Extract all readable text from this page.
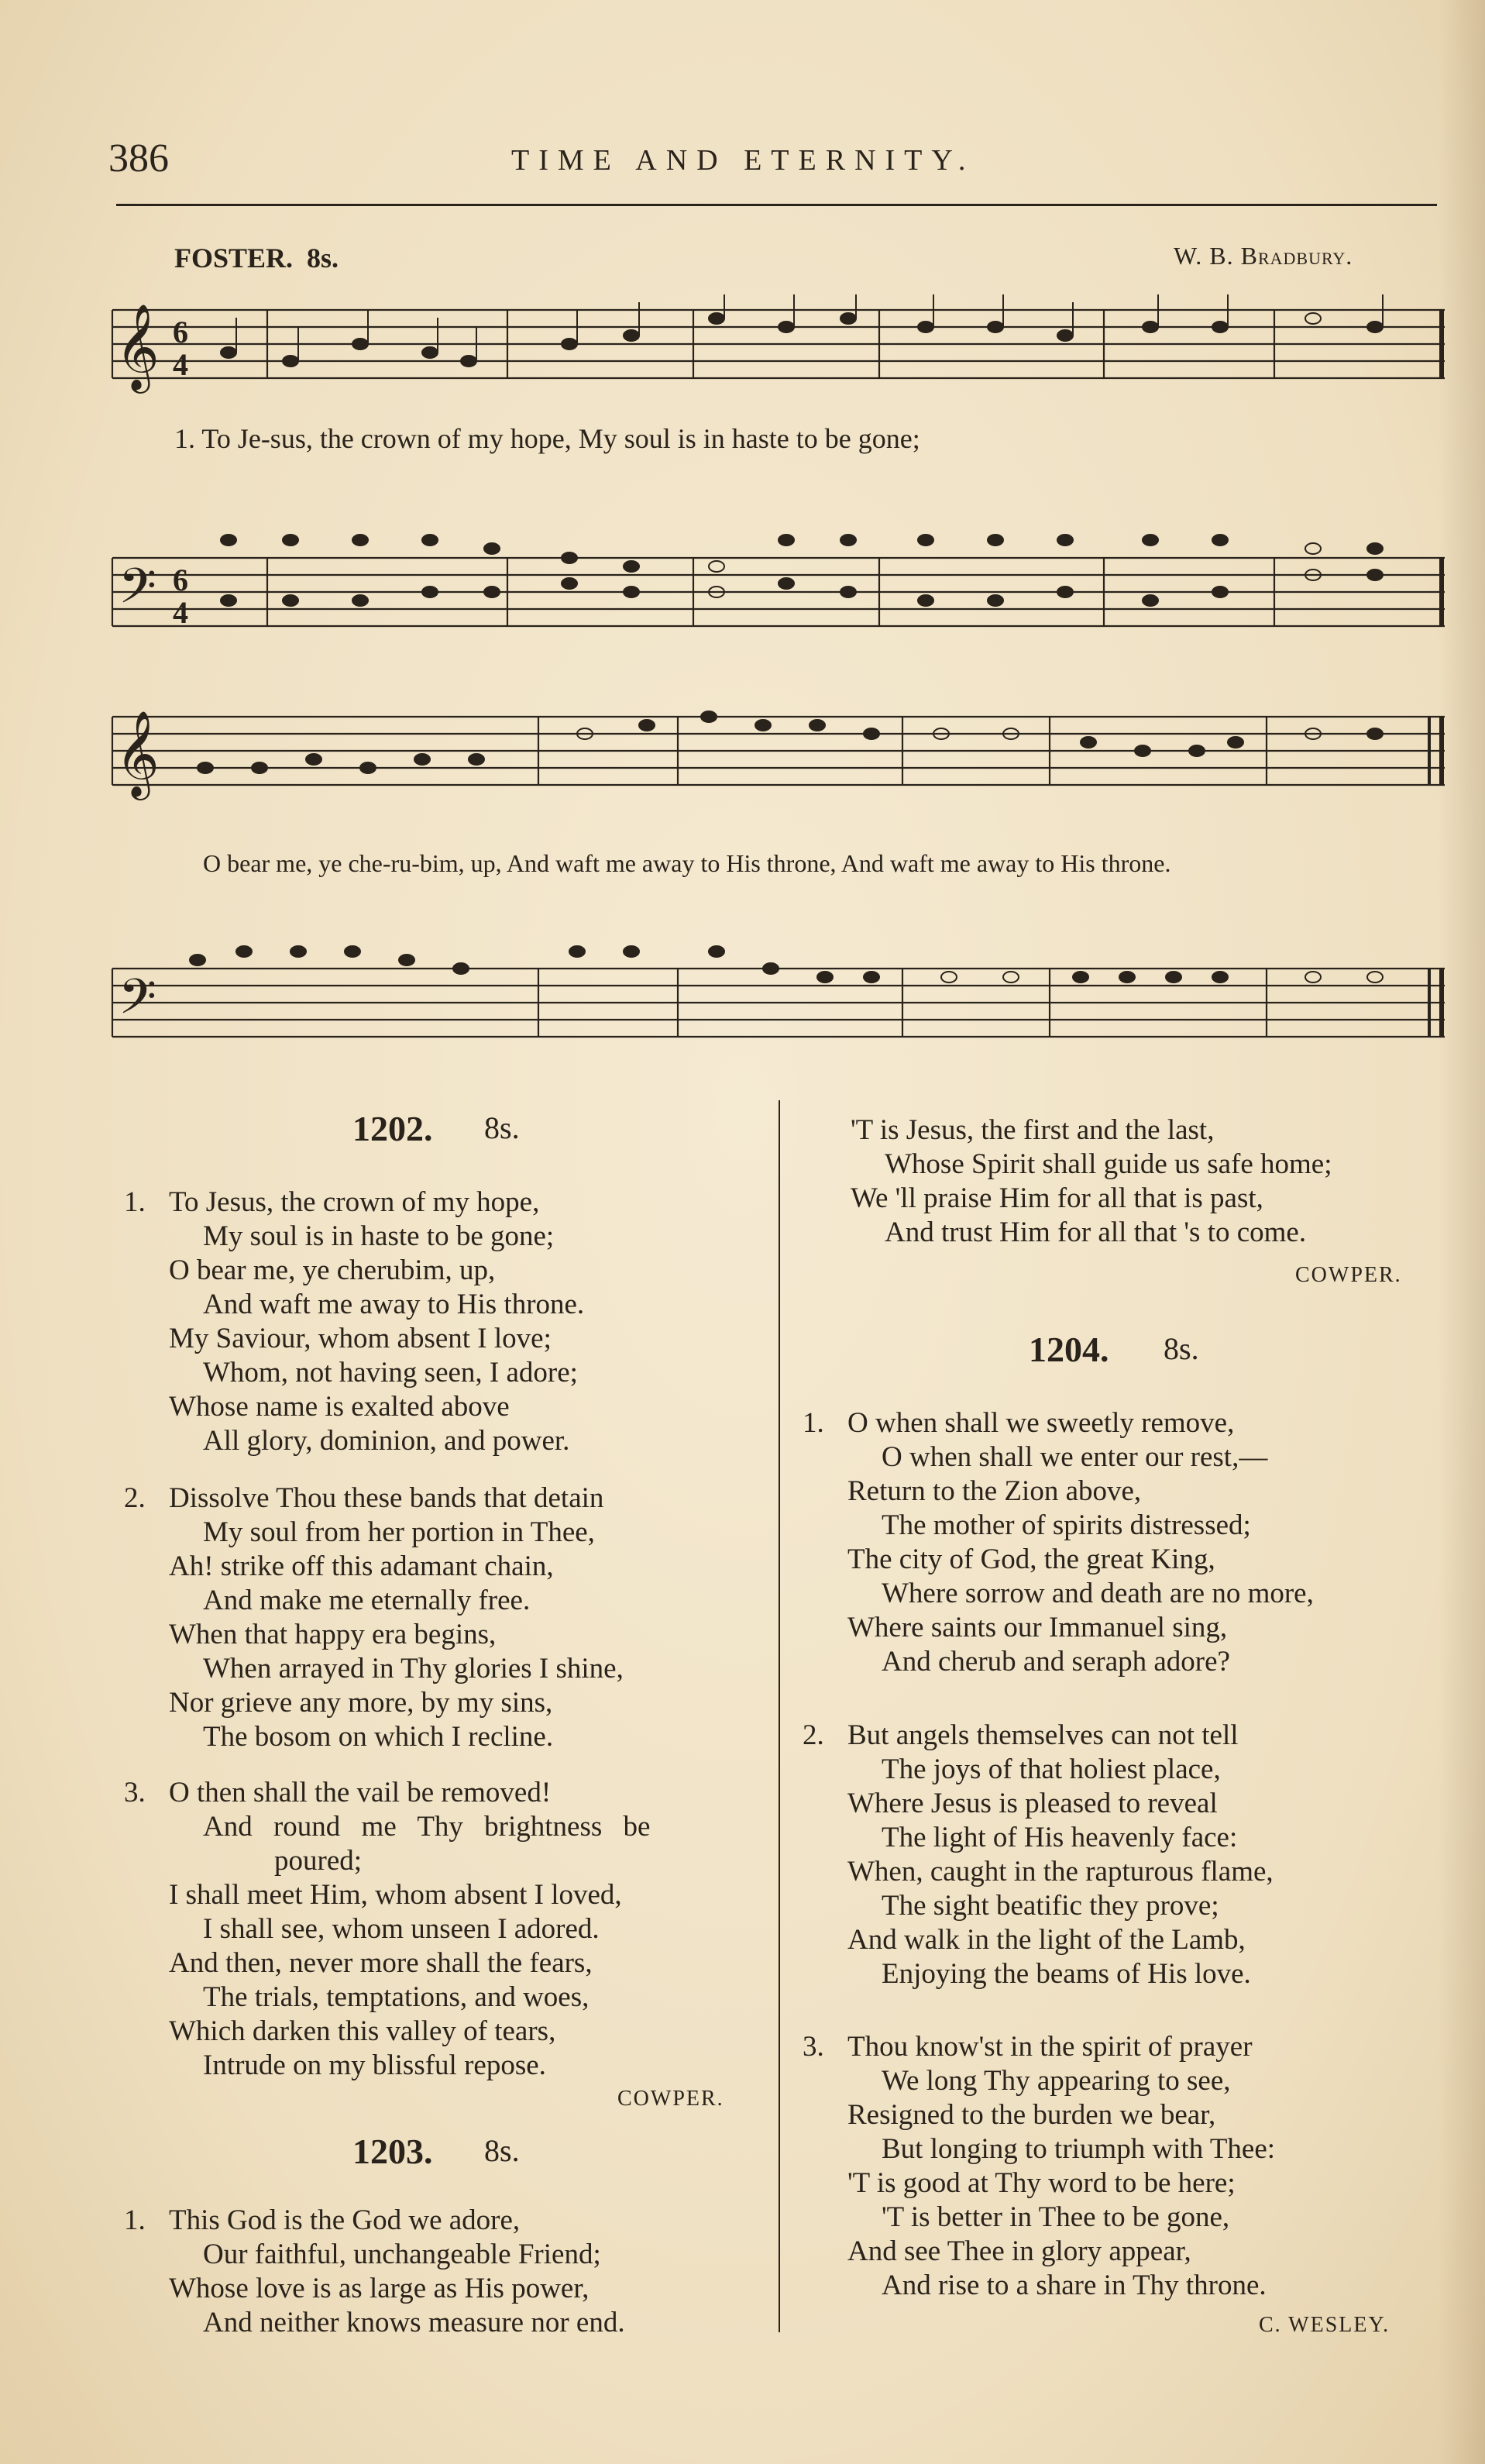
386	TIME AND ETERNITY.
FOSTER. 8s.	W. B. Bradbury.
𝄞 6
4
1. To Je-sus, the crown of my hope, My soul is in haste to be gone;
𝄢 6
4
𝄞
O bear me, ye che-ru-bim, up, And waft me away to His throne, And waft me away to His throne.
𝄢
1202. 8s.
1. To Jesus, the crown of my hope,
My soul is in haste to be gone;
O bear me, ye cherubim, up,
And waft me away to His throne.
My Saviour, whom absent I love;
Whom, not having seen, I adore;
Whose name is exalted above
All glory, dominion, and power.
2. Dissolve Thou these bands that detain
My soul from her portion in Thee,
Ah! strike off this adamant chain,
And make me eternally free.
When that happy era begins,
When arrayed in Thy glories I shine,
Nor grieve any more, by my sins,
The bosom on which I recline.
3. O then shall the vail be removed!
And round me Thy brightness be
poured;
I shall meet Him, whom absent I loved,
I shall see, whom unseen I adored.
And then, never more shall the fears,
The trials, temptations, and woes,
Which darken this valley of tears,
Intrude on my blissful repose.
COWPER.
1203. 8s.
1. This God is the God we adore,
Our faithful, unchangeable Friend;
Whose love is as large as His power,
And neither knows measure nor end.
'T is Jesus, the first and the last,
Whose Spirit shall guide us safe home;
We 'll praise Him for all that is past,
And trust Him for all that 's to come.
COWPER.
1204. 8s.
1. O when shall we sweetly remove,
O when shall we enter our rest,—
Return to the Zion above,
The mother of spirits distressed;
The city of God, the great King,
Where sorrow and death are no more,
Where saints our Immanuel sing,
And cherub and seraph adore?
2. But angels themselves can not tell
The joys of that holiest place,
Where Jesus is pleased to reveal
The light of His heavenly face:
When, caught in the rapturous flame,
The sight beatific they prove;
And walk in the light of the Lamb,
Enjoying the beams of His love.
3. Thou know'st in the spirit of prayer
We long Thy appearing to see,
Resigned to the burden we bear,
But longing to triumph with Thee:
'T is good at Thy word to be here;
'T is better in Thee to be gone,
And see Thee in glory appear,
And rise to a share in Thy throne.
C. WESLEY.
